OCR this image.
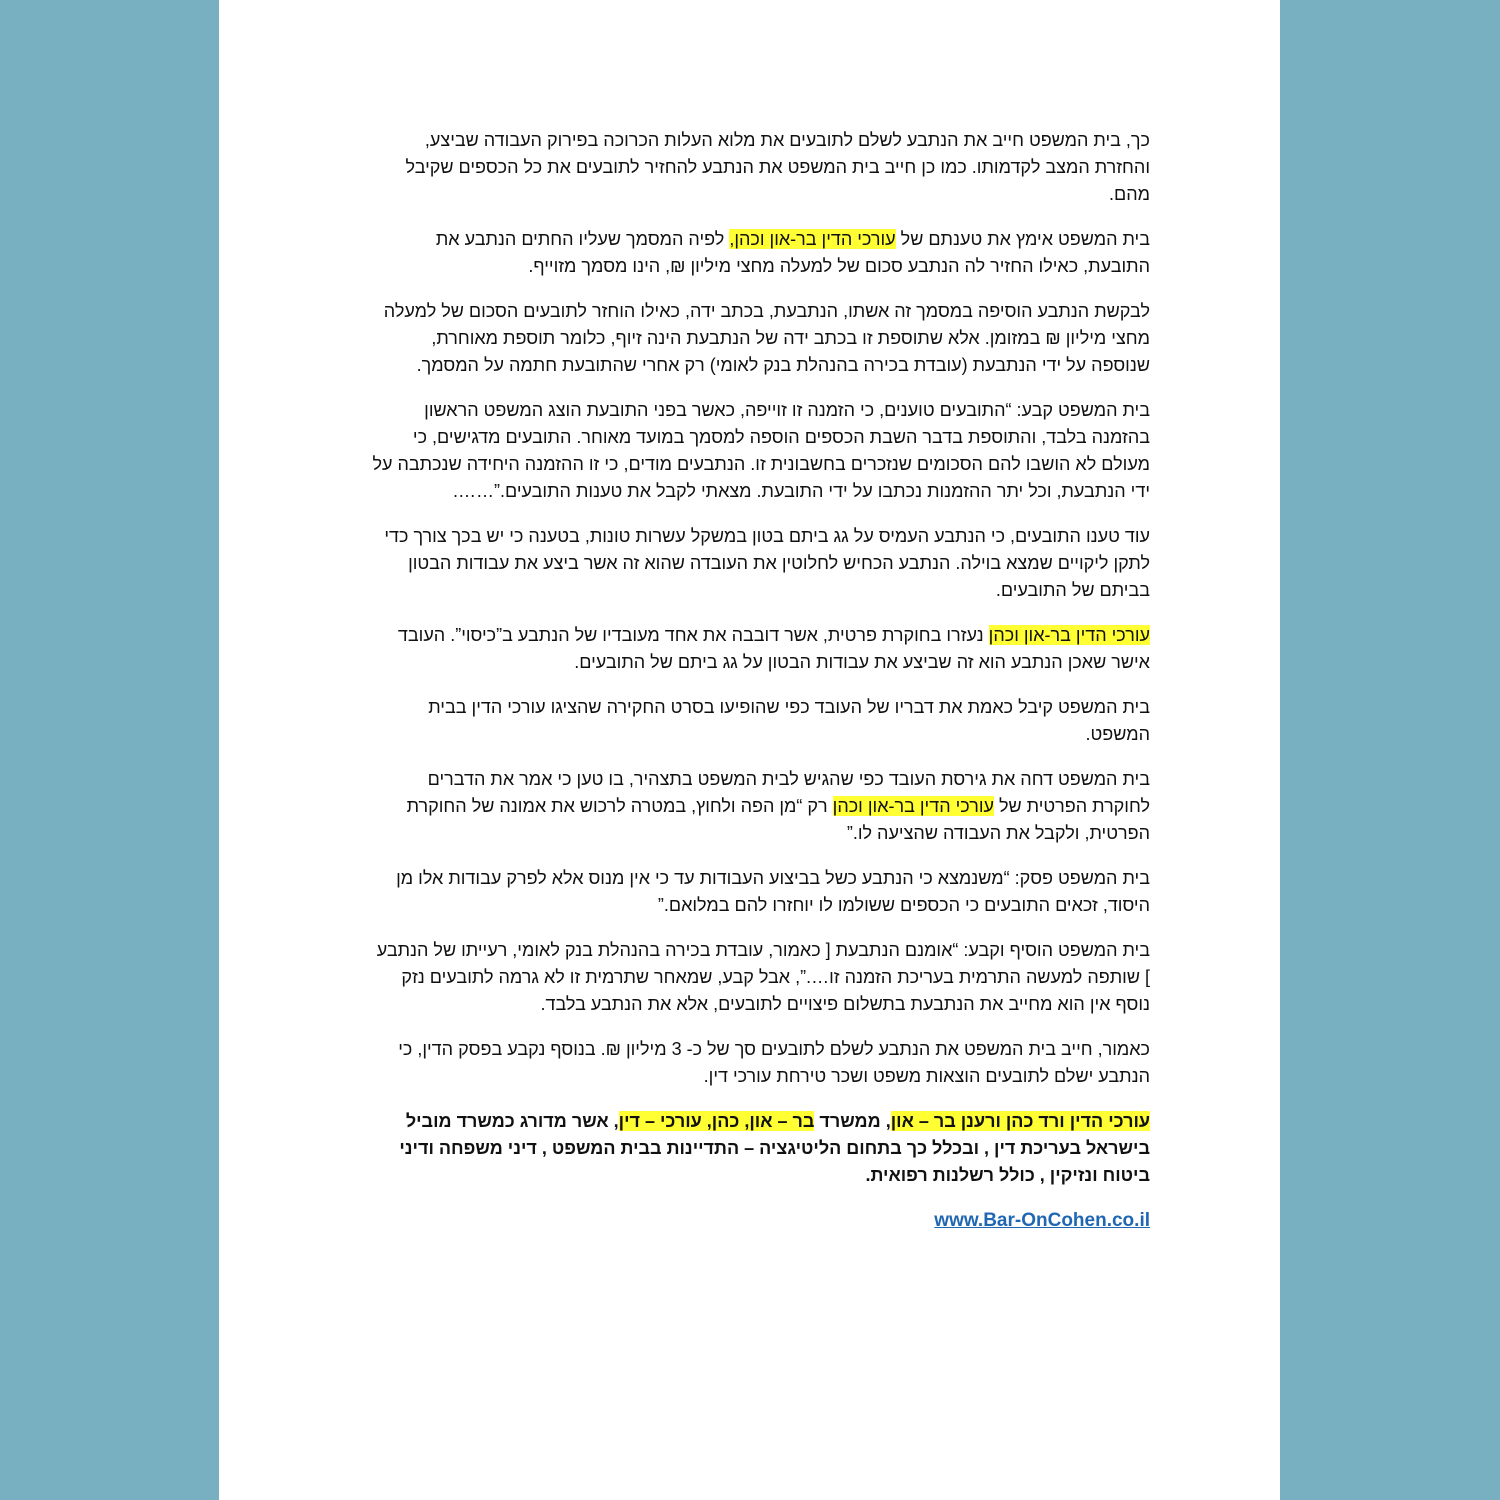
כך, בית המשפט חייב את הנתבע לשלם לתובעים את מלוא העלות הכרוכה בפירוק העבודה שביצע, והחזרת המצב לקדמותו. כמו כן חייב בית המשפט את הנתבע להחזיר לתובעים את כל הכספים שקיבל מהם.

בית המשפט אימץ את טענתם של עורכי הדין בר-און וכהן, לפיה המסמך שעליו החתים הנתבע את התובעת, כאילו החזיר לה הנתבע סכום של למעלה מחצי מיליון ₪, הינו מסמך מזוייף.

לבקשת הנתבע הוסיפה במסמך זה אשתו, הנתבעת, בכתב ידה, כאילו הוחזר לתובעים הסכום של למעלה מחצי מיליון ₪ במזומן. אלא שתוספת זו בכתב ידה של הנתבעת הינה זיוף, כלומר תוספת מאוחרת, שנוספה על ידי הנתבעת (עובדת בכירה בהנהלת בנק לאומי) רק אחרי שהתובעת חתמה על המסמך.

בית המשפט קבע: “התובעים טוענים, כי הזמנה זו זוייפה, כאשר בפני התובעת הוצג המשפט הראשון בהזמנה בלבד, והתוספת בדבר השבת הכספים הוספה למסמך במועד מאוחר. התובעים מדגישים, כי מעולם לא הושבו להם הסכומים שנזכרים בחשבונית זו. הנתבעים מודים, כי זו ההזמנה היחידה שנכתבה על ידי הנתבעת, וכל יתר ההזמנות נכתבו על ידי התובעת. מצאתי לקבל את טענות התובעים.”…….

עוד טענו התובעים, כי הנתבע העמיס על גג ביתם בטון במשקל עשרות טונות, בטענה כי יש בכך צורך כדי לתקן ליקויים שמצא בוילה. הנתבע הכחיש לחלוטין את העובדה שהוא זה אשר ביצע את עבודות הבטון בביתם של התובעים.

עורכי הדין בר-און וכהן נעזרו בחוקרת פרטית, אשר דובבה את אחד מעובדיו של הנתבע ב”כיסוי”. העובד אישר שאכן הנתבע הוא זה שביצע את עבודות הבטון על גג ביתם של התובעים.

בית המשפט קיבל כאמת את דבריו של העובד כפי שהופיעו בסרט החקירה שהציגו עורכי הדין בבית המשפט.

בית המשפט דחה את גירסת העובד כפי שהגיש לבית המשפט בתצהיר, בו טען כי אמר את הדברים לחוקרת הפרטית של עורכי הדין בר-און וכהן רק “מן הפה ולחוץ, במטרה לרכוש את אמונה של החוקרת הפרטית, ולקבל את העבודה שהציעה לו.”

בית המשפט פסק: “משנמצא כי הנתבע כשל בביצוע העבודות עד כי אין מנוס אלא לפרק עבודות אלו מן היסוד, זכאים התובעים כי הכספים ששולמו לו יוחזרו להם במלואם.”

בית המשפט הוסיף וקבע: “אומנם הנתבעת [ כאמור, עובדת בכירה בהנהלת בנק לאומי, רעייתו של הנתבע ] שותפה למעשה התרמית בעריכת הזמנה זו….”, אבל קבע, שמאחר שתרמית זו לא גרמה לתובעים נזק נוסף אין הוא מחייב את הנתבעת בתשלום פיצויים לתובעים, אלא את הנתבע בלבד.

כאמור, חייב בית המשפט את הנתבע לשלם לתובעים סך של כ- 3 מיליון ₪. בנוסף נקבע בפסק הדין, כי הנתבע ישלם לתובעים הוצאות משפט ושכר טירחת עורכי דין.

עורכי הדין ורד כהן ורענן בר – און, ממשרד בר – און, כהן, עורכי – דין, אשר מדורג כמשרד מוביל בישראל בעריכת דין , ובכלל כך בתחום הליטיגציה – התדיינות בבית המשפט , דיני משפחה ודיני ביטוח ונזיקין , כולל רשלנות רפואית.

www.Bar-OnCohen.co.il
